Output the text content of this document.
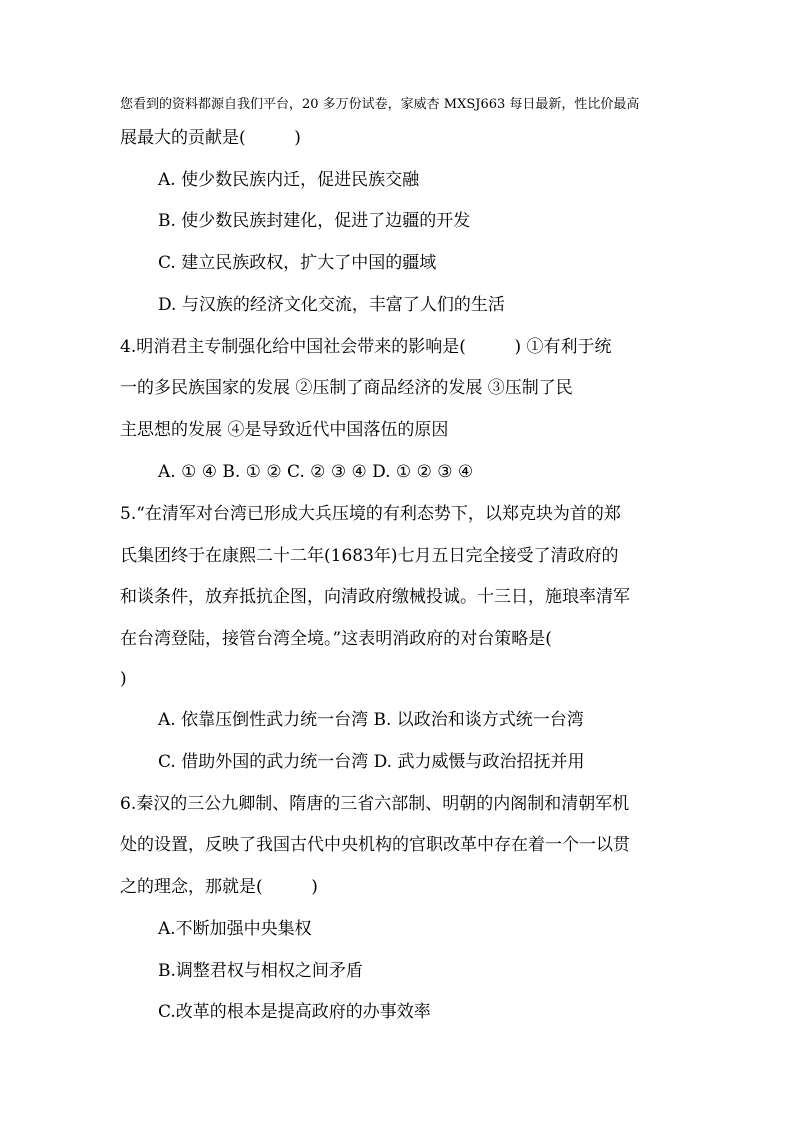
您看到的资料都源自我们平台，20 多万份试卷，家威杏 MXSJ663 每日最新，性比价最高
展最大的贡献是(         )
A. 使少数民族内迁，促进民族交融
B. 使少数民族封建化，促进了边疆的开发
C. 建立民族政权，扩大了中国的疆域
D. 与汉族的经济文化交流，丰富了人们的生活
4.明消君主专制强化给中国社会带来的影响是(         ) ①有利于统
一的多民族国家的发展 ②压制了商品经济的发展 ③压制了民
主思想的发展 ④是导致近代中国落伍的原因
A. ① ④ B. ① ② C. ② ③ ④ D. ① ② ③ ④
5.“在清军对台湾已形成大兵压境的有利态势下，以郑克块为首的郑
氏集团终于在康熙二十二年(1683年)七月五日完全接受了清政府的
和谈条件，放弃抵抗企图，向清政府缴械投诚。十三日，施琅率清军
在台湾登陆，接管台湾全境。”这表明消政府的对台策略是(
)
A. 依靠压倒性武力统一台湾 B. 以政治和谈方式统一台湾
C. 借助外国的武力统一台湾 D. 武力威慑与政治招抚并用
6.秦汉的三公九卿制、隋唐的三省六部制、明朝的内阁制和清朝军机
处的设置，反映了我国古代中央机构的官职改革中存在着一个一以贯
之的理念，那就是(         )
A.不断加强中央集权
B.调整君权与相权之间矛盾
C.改革的根本是提高政府的办事效率
